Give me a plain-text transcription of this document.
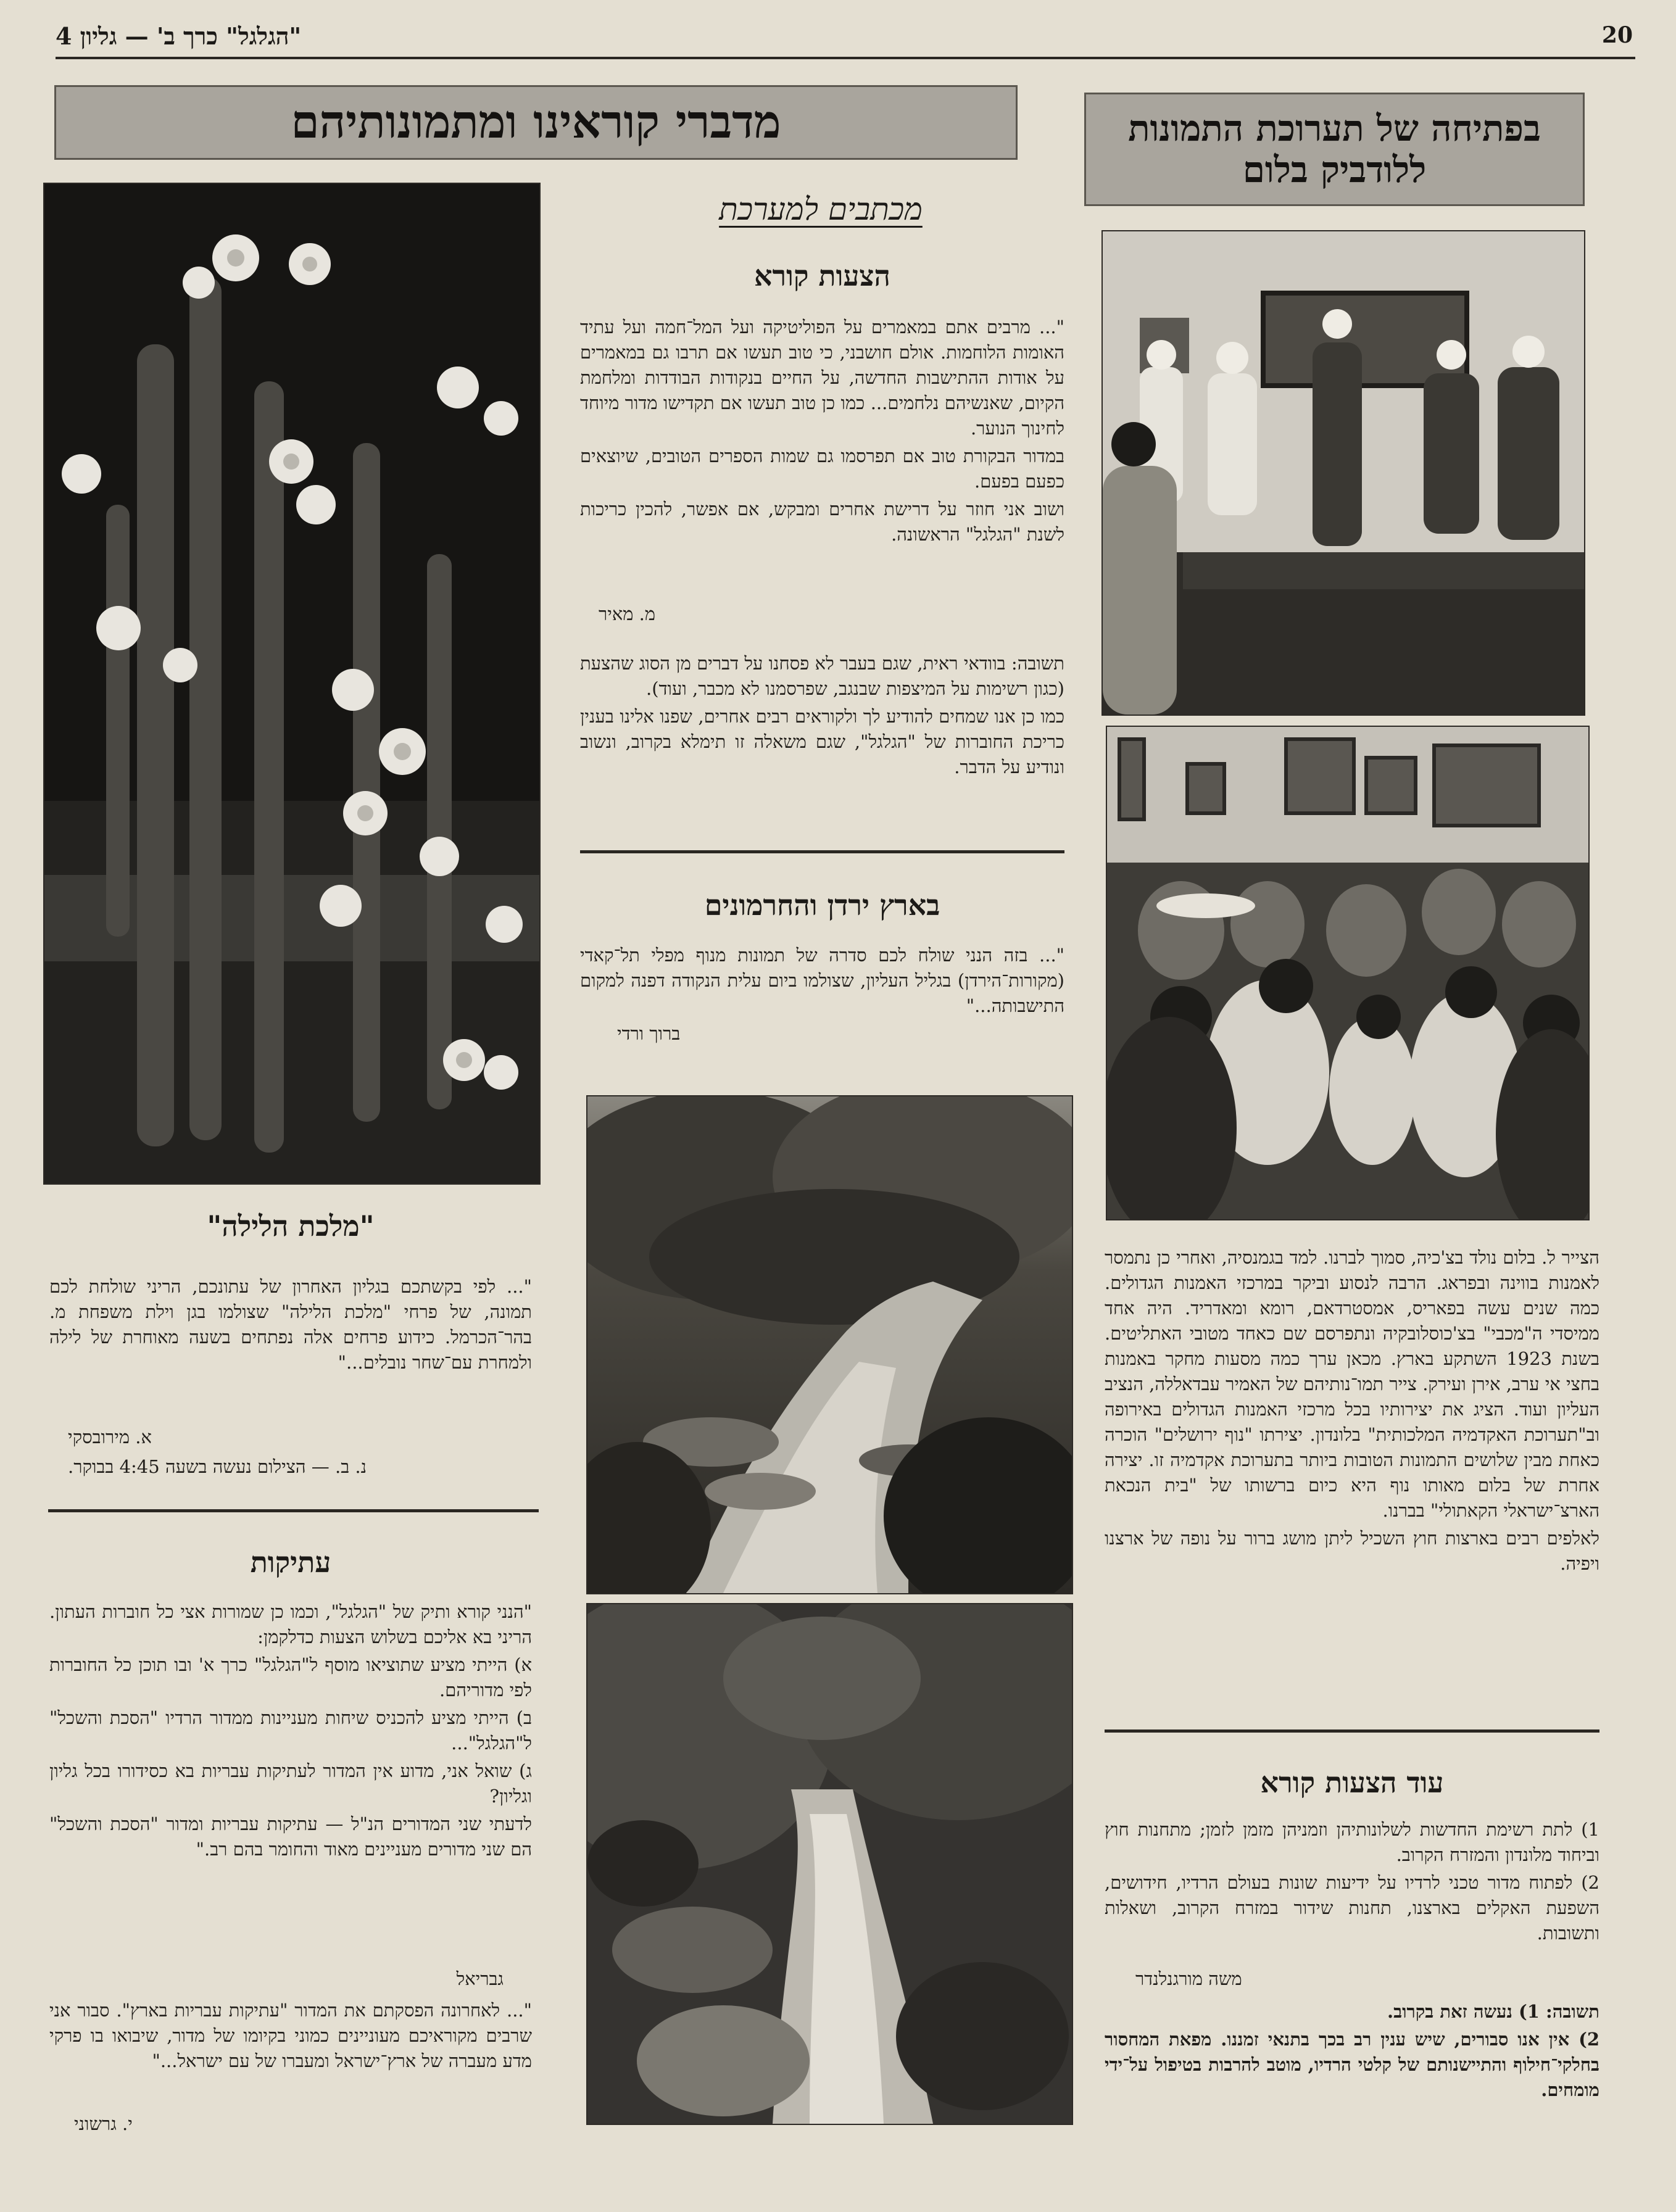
"הגלגל" כרך ב' — גליון 4	20
בפתיחה של תערוכת התמונות ללודביק בלום
מדברי קוראינו ומתמונותיהם
מכתבים למערכת
הצעות קורא

"... מרבים אתם במאמרים על הפוליטיקה ועל המל־חמה ועל עתיד האומות הלוחמות. אולם חושבני, כי טוב תעשו אם תרבו גם במאמרים על אודות ההתישבות החדשה, על החיים בנקודות הבודדות ומלחמת הקיום, שאנשיהם נלחמים... כמו כן טוב תעשו אם תקדישו מדור מיוחד לחינוך הנוער.

במדור הבקורת טוב אם תפרסמו גם שמות הספרים הטובים, שיוצאים כפעם בפעם.

ושוב אני חוזר על דרישת אחרים ומבקש, אם אפשר, להכין כריכות לשנת "הגלגל" הראשונה.

מ. מאיר

תשובה: בוודאי ראית, שגם בעבר לא פסחנו על דברים מן הסוג שהצעת (כגון רשימות על המיצפות שבנגב, שפרסמנו לא מכבר, ועוד).

כמו כן אנו שמחים להודיע לך ולקוראים רבים אחרים, שפנו אלינו בענין כריכת החוברות של "הגלגל", שגם משאלה זו תימלא בקרוב, ונשוב ונודיע על הדבר.

בארץ ירדן והחרמונים
"... בזה הנני שולח לכם סדרה של תמונות מנוף מפלי תל־קאדי (מקורות־הירדן) בגליל העליון, שצולמו ביום עלית הנקודה דפנה למקום התישבותה..."
ברוך ורדי
"מלכת הלילה"
"... לפי בקשתכם בגליון האחרון של עתונכם, הריני שולחת לכם תמונה, של פרחי "מלכת הלילה" שצולמו בגן וילת משפחת מ. בהר־הכרמל. כידוע פרחים אלה נפתחים בשעה מאוחרת של לילה ולמחרת עם־שחר נובלים..."
א. מירובסקי
נ. ב. — הצילום נעשה בשעה 4:45 בבוקר.
עתיקות

"הנני קורא ותיק של "הגלגל", וכמו כן שמורות אצי כל חוברות העתון. הריני בא אליכם בשלוש הצעות כדלקמן:

א) הייתי מציע שתוציאו מוסף ל"הגלגל" כרך א' ובו תוכן כל החוברות לפי מדוריהם.

ב) הייתי מציע להכניס שיחות מעניינות ממדור הרדיו "הסכת והשכל" ל"הגלגל"...

ג) שואל אני, מדוע אין המדור לעתיקות עבריות בא כסידורו בכל גליון וגליון?

לדעתי שני המדורים הנ"ל — עתיקות עבריות ומדור "הסכת והשכל" הם שני מדורים מעניינים מאוד והחומר בהם רב."

גבריאל
"... לאחרונה הפסקתם את המדור "עתיקות עבריות בארץ". סבור אני שרבים מקוראיכם מעוניינים כמוני בקיומו של מדור, שיבואו בו פרקי מדע מעברה של ארץ־ישראל ומעברו של עם ישראל..."
י. גרשוני

הצייר ל. בלום נולד בצ'כיה, סמוך לברנו. למד בגמנסיה, ואחרי כן נתמסר לאמנות בווינה ובפראג. הרבה לנסוע וביקר במרכזי האמנות הגדולים. כמה שנים עשה בפאריס, אמסטרדאם, רומא ומאדריד. היה אחד ממיסדי ה"מכבי" בצ'כוסלובקיה ונתפרסם שם כאחד מטובי האתליטים. בשנת 1923 השתקע בארץ. מכאן ערך כמה מסעות מחקר באמנות בחצי אי ערב, אירן ועירק. צייר תמו־נותיהם של האמיר עבדאללה, הנציב העליון ועוד. הציג את יצירותיו בכל מרכזי האמנות הגדולים באירופה וב"תערוכת האקדמיה המלכותית" בלונדון. יצירתו "נוף ירושלים" הוכרה כאחת מבין שלושים התמונות הטובות ביותר בתערוכת אקדמיה זו. יצירה אחרת של בלום מאותו נוף היא כיום ברשותו של "בית הנכאת הארצ־ישראלי הקאתולי" בברנו.

לאלפים רבים בארצות חוץ השכיל ליתן מושג ברור על נופה של ארצנו ויפיה.

עוד הצעות קורא

1) לתת רשימת החדשות לשלונותיהן וזמניהן מזמן לזמן; מתחנות חוץ וביחוד מלונדון והמזרח הקרוב.

2) לפתוח מדור טכני לרדיו על ידיעות שונות בעולם הרדיו, חידושים, השפעת האקלים בארצנו, תחנות שידור במזרח הקרוב, ושאלות ותשובות.

משה מורגנלנדר

תשובה: 1) נעשה זאת בקרוב.

2) אין אנו סבורים, שיש ענין רב בכך בתנאי זמננו. מפאת המחסור בחלקי־חילוף והתיישנותם של קלטי הרדיו, מוטב להרבות בטיפול על־ידי מומחים.
